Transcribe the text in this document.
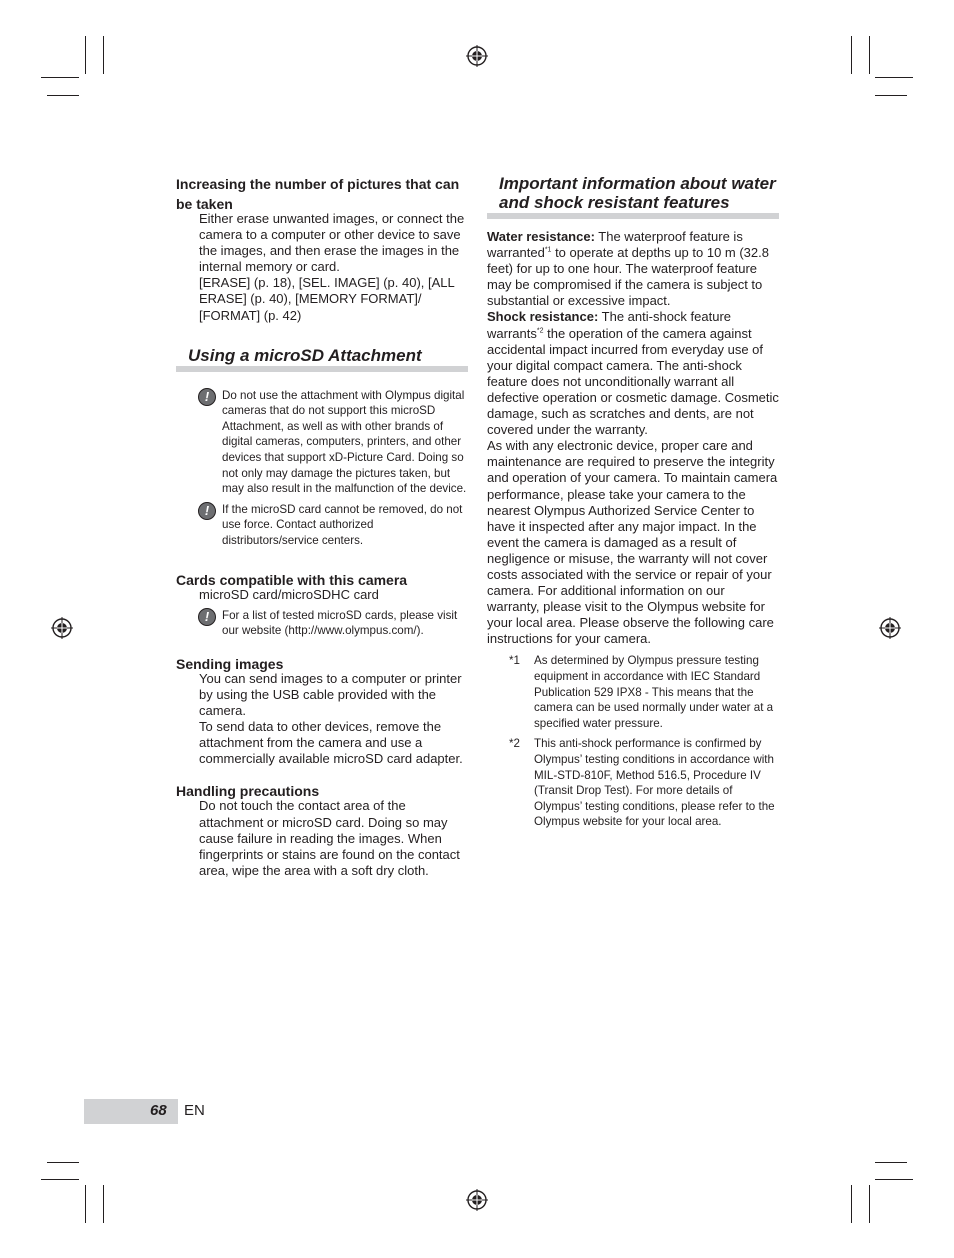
Increasing the number of pictures that can be taken

Either erase unwanted images, or connect the camera to a computer or other device to save the images, and then erase the images in the internal memory or card.

[ERASE] (p. 18), [SEL. IMAGE] (p. 40), [ALL ERASE] (p. 40), [MEMORY FORMAT]/ [FORMAT] (p. 42)

Using a microSD Attachment
!	Do not use the attachment with Olympus digital cameras that do not support this microSD Attachment, as well as with other brands of digital cameras, computers, printers, and other devices that support xD-Picture Card. Doing so not only may damage the pictures taken, but may also result in the malfunction of the device.
!	If the microSD card cannot be removed, do not use force. Contact authorized distributors/service centers.

Cards compatible with this camera

microSD card/microSDHC card

!	For a list of tested microSD cards, please visit our website (http://www.olympus.com/).

Sending images

You can send images to a computer or printer by using the USB cable provided with the camera.

To send data to other devices, remove the attachment from the camera and use a commercially available microSD card adapter.

Handling precautions

Do not touch the contact area of the attachment or microSD card. Doing so may cause failure in reading the images. When fingerprints or stains are found on the contact area, wipe the area with a soft dry cloth.

Important information about water and shock resistant features

Water resistance: The waterproof feature is warranted$^{*1}$ to operate at depths up to 10 m (32.8 feet) for up to one hour. The waterproof feature may be compromised if the camera is subject to substantial or excessive impact.

Shock resistance: The anti-shock feature warrants$^{*2}$ the operation of the camera against accidental impact incurred from everyday use of your digital compact camera. The anti-shock feature does not unconditionally warrant all defective operation or cosmetic damage. Cosmetic damage, such as scratches and dents, are not covered under the warranty.

As with any electronic device, proper care and maintenance are required to preserve the integrity and operation of your camera. To maintain camera performance, please take your camera to the nearest Olympus Authorized Service Center to have it inspected after any major impact. In the event the camera is damaged as a result of negligence or misuse, the warranty will not cover costs associated with the service or repair of your camera. For additional information on our warranty, please visit to the Olympus website for your local area. Please observe the following care instructions for your camera.

*1	As determined by Olympus pressure testing equipment in accordance with IEC Standard Publication 529 IPX8 - This means that the camera can be used normally under water at a specified water pressure.
*2	This anti-shock performance is confirmed by Olympus’ testing conditions in accordance with MIL-STD-810F, Method 516.5, Procedure IV (Transit Drop Test). For more details of Olympus’ testing conditions, please refer to the Olympus website for your local area.
68 EN
